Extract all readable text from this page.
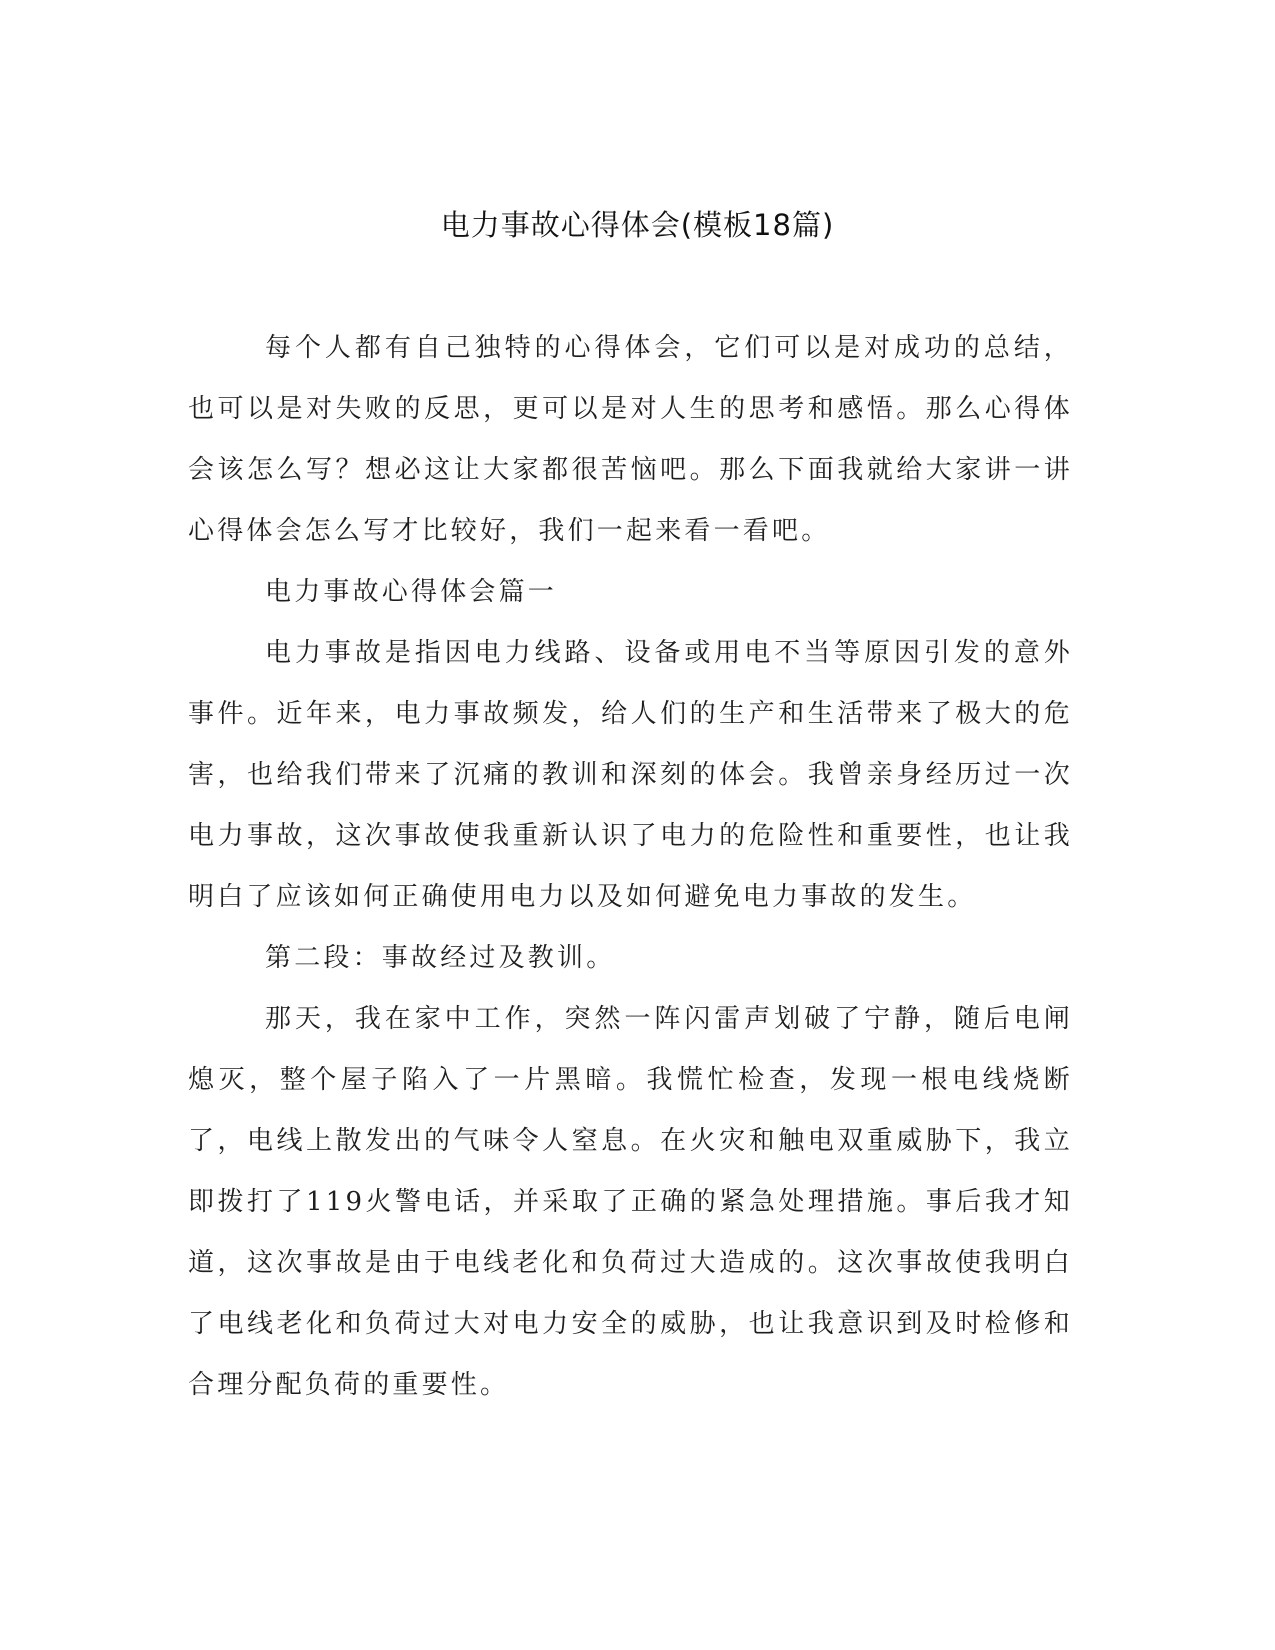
电力事故心得体会(模板18篇)

每个人都有自己独特的心得体会，它们可以是对成功的总结，也可以是对失败的反思，更可以是对人生的思考和感悟。那么心得体会该怎么写？想必这让大家都很苦恼吧。那么下面我就给大家讲一讲心得体会怎么写才比较好，我们一起来看一看吧。

电力事故心得体会篇一

电力事故是指因电力线路、设备或用电不当等原因引发的意外事件。近年来，电力事故频发，给人们的生产和生活带来了极大的危害，也给我们带来了沉痛的教训和深刻的体会。我曾亲身经历过一次电力事故，这次事故使我重新认识了电力的危险性和重要性，也让我明白了应该如何正确使用电力以及如何避免电力事故的发生。

第二段：事故经过及教训。

那天，我在家中工作，突然一阵闪雷声划破了宁静，随后电闸熄灭，整个屋子陷入了一片黑暗。我慌忙检查，发现一根电线烧断了，电线上散发出的气味令人窒息。在火灾和触电双重威胁下，我立即拨打了119火警电话，并采取了正确的紧急处理措施。事后我才知道，这次事故是由于电线老化和负荷过大造成的。这次事故使我明白了电线老化和负荷过大对电力安全的威胁，也让我意识到及时检修和合理分配负荷的重要性。
